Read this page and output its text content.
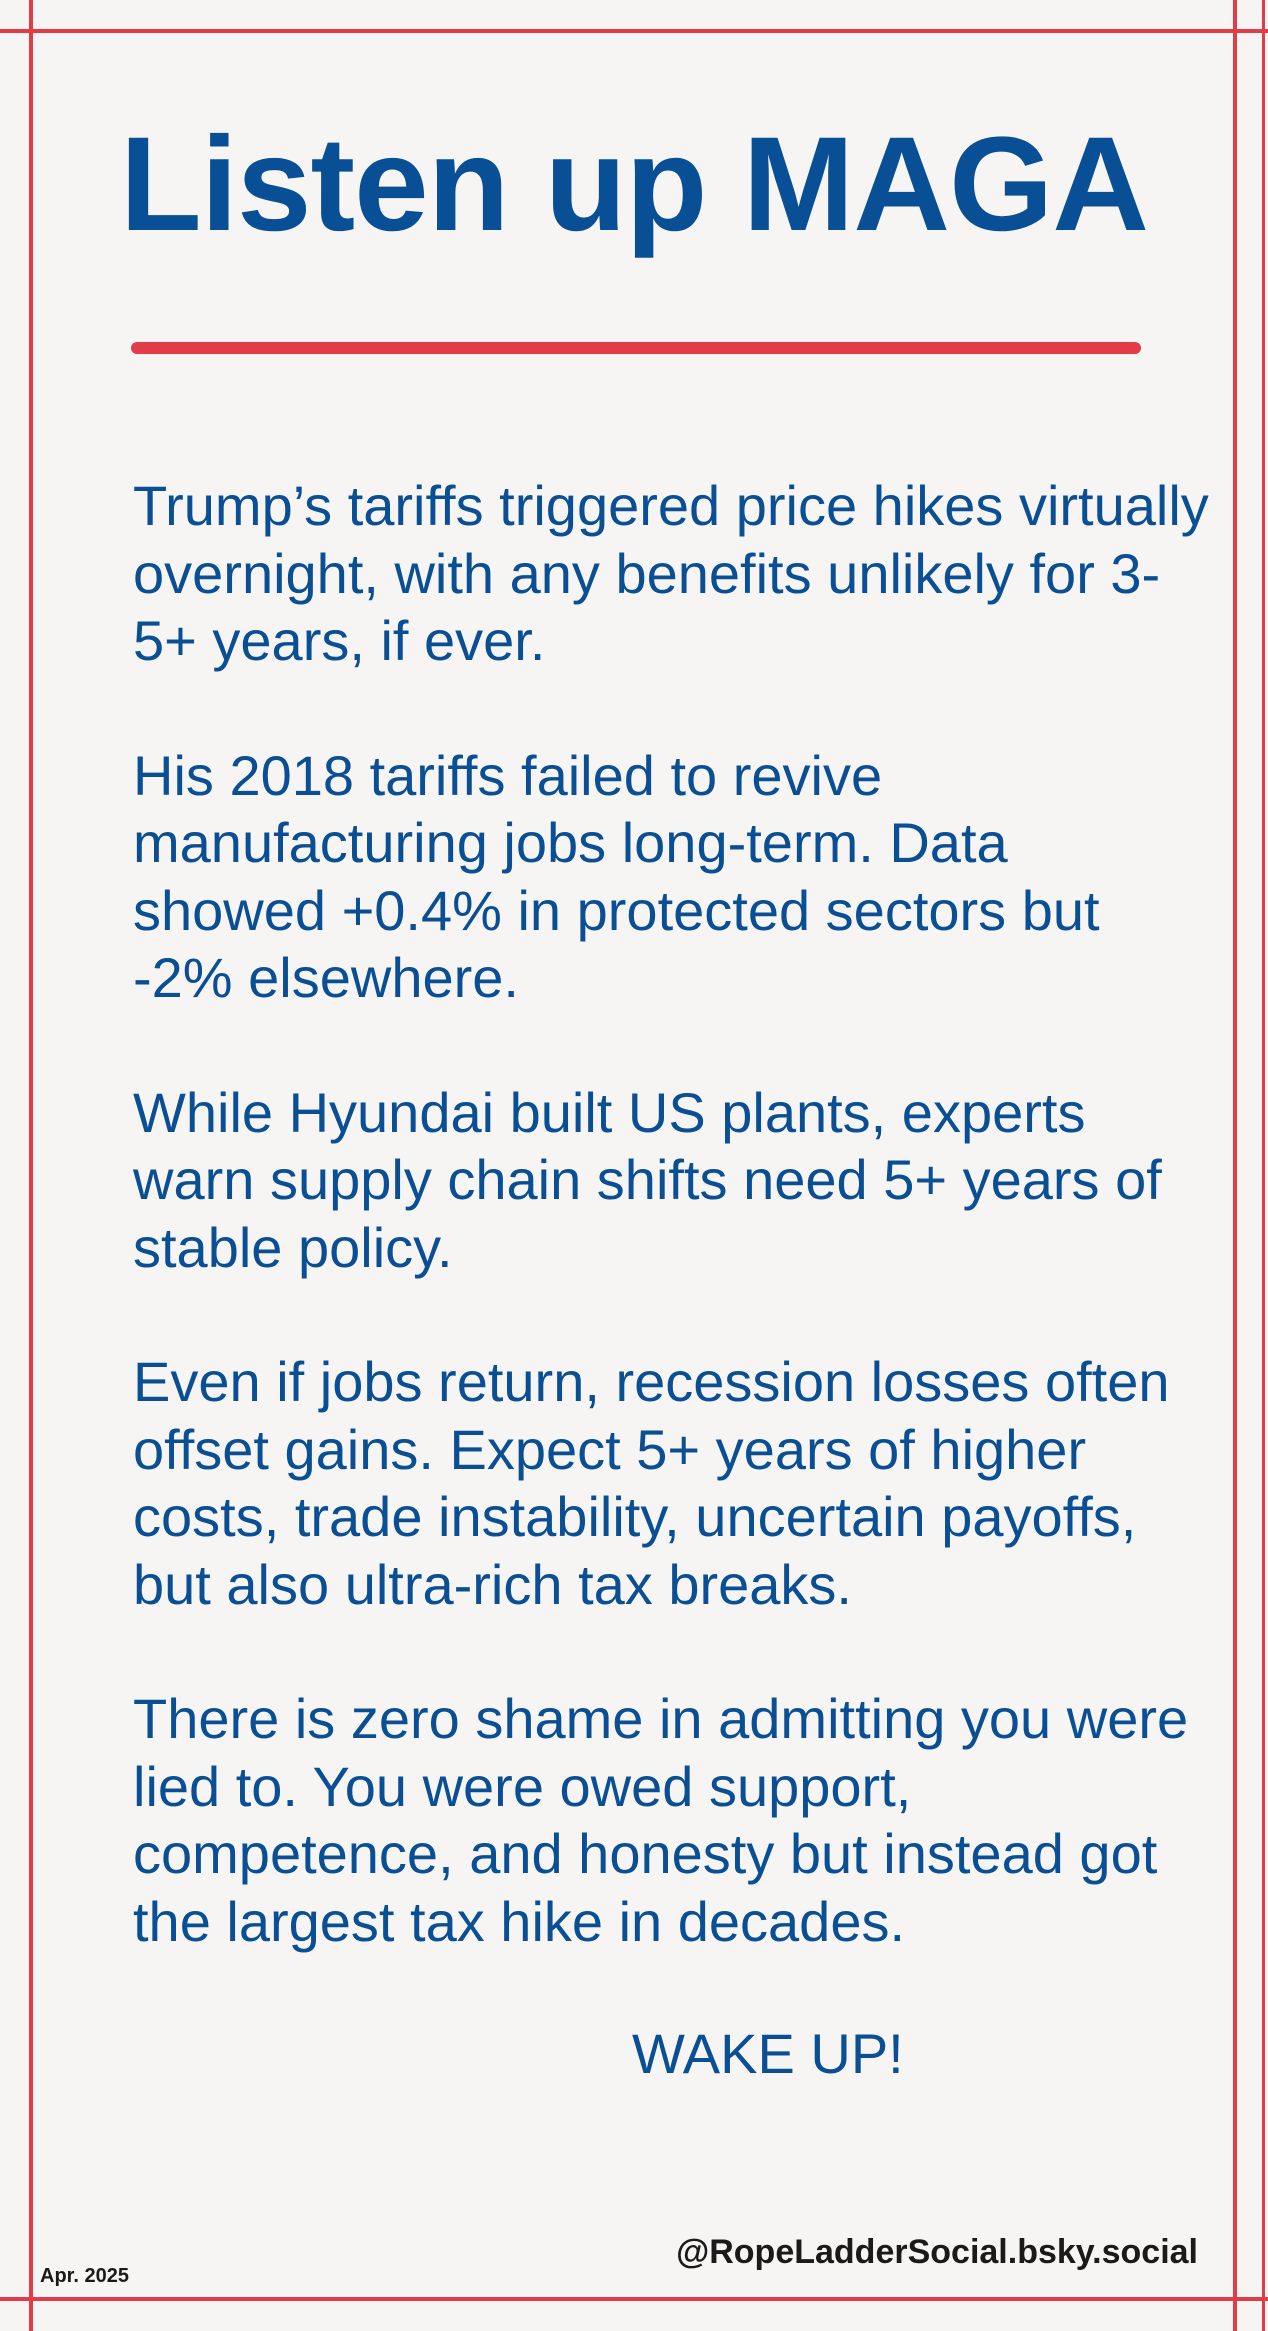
Listen up MAGA

Trump’s tariffs triggered price hikes virtually overnight, with any benefits unlikely for 3-5+ years, if ever.

His 2018 tariffs failed to revive manufacturing jobs long-term. Data showed +0.4% in protected sectors but -2% elsewhere.

While Hyundai built US plants, experts warn supply chain shifts need 5+ years of stable policy.

Even if jobs return, recession losses often offset gains. Expect 5+ years of higher costs, trade instability, uncertain payoffs, but also ultra-rich tax breaks.

There is zero shame in admitting you were lied to. You were owed support, competence, and honesty but instead got the largest tax hike in decades.

WAKE UP!

@RopeLadderSocial.bsky.social
Apr. 2025
